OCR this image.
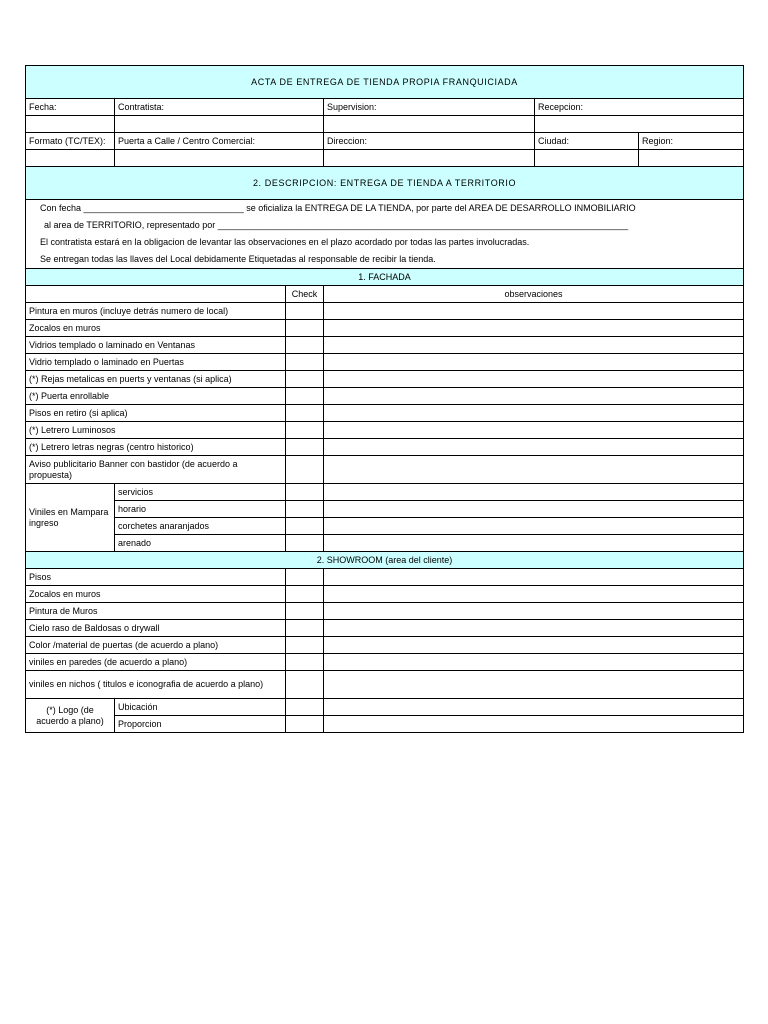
ACTA DE ENTREGA DE TIENDA PROPIA FRANQUICIADA					
Fecha:	Contratista:		Supervision:	Recepcion:	

Formato (TC/TEX):	Puerta a Calle / Centro Comercial:		Direccion:	Ciudad:	Region:

2. DESCRIPCION: ENTREGA DE TIENDA A TERRITORIO					

Con fecha ________________________________ se oficializa la ENTREGA DE LA TIENDA, por parte del AREA DE DESARROLLO INMOBILIARIO
al area de TERRITORIO, representado por __________________________________________________________________________________
El contratista estará en la obligacion de levantar las observaciones en el plazo acordado por todas las partes involucradas.
Se entregan todas las llaves del Local debidamente Etiquetadas al responsable de recibir la tienda.					

1. FACHADA					
		Check	observaciones		
Pintura en muros (incluye detrás numero de local)					
Zocalos en muros					
Vidrios templado o laminado en Ventanas					
Vidrio templado o laminado en Puertas					
(*) Rejas metalicas en puerts y ventanas (si aplica)					
(*) Puerta enrollable					
Pisos en retiro (si aplica)					
(*) Letrero Luminosos					
(*) Letrero letras negras (centro historico)					
Aviso publicitario Banner con bastidor (de acuerdo a propuesta)					
Viniles en Mampara ingreso	servicios				
	horario				
	corchetes anaranjados				
	arenado				
2. SHOWROOM (area del cliente)					
Pisos					
Zocalos en muros					
Pintura de Muros					
Cielo raso de Baldosas o drywall					
Color /material de puertas (de acuerdo a plano)					
viniles en paredes (de acuerdo a plano)					
viniles en nichos ( titulos e iconografia de acuerdo a plano)					
(*) Logo (de acuerdo a plano)	Ubicación				
	Proporcion				
